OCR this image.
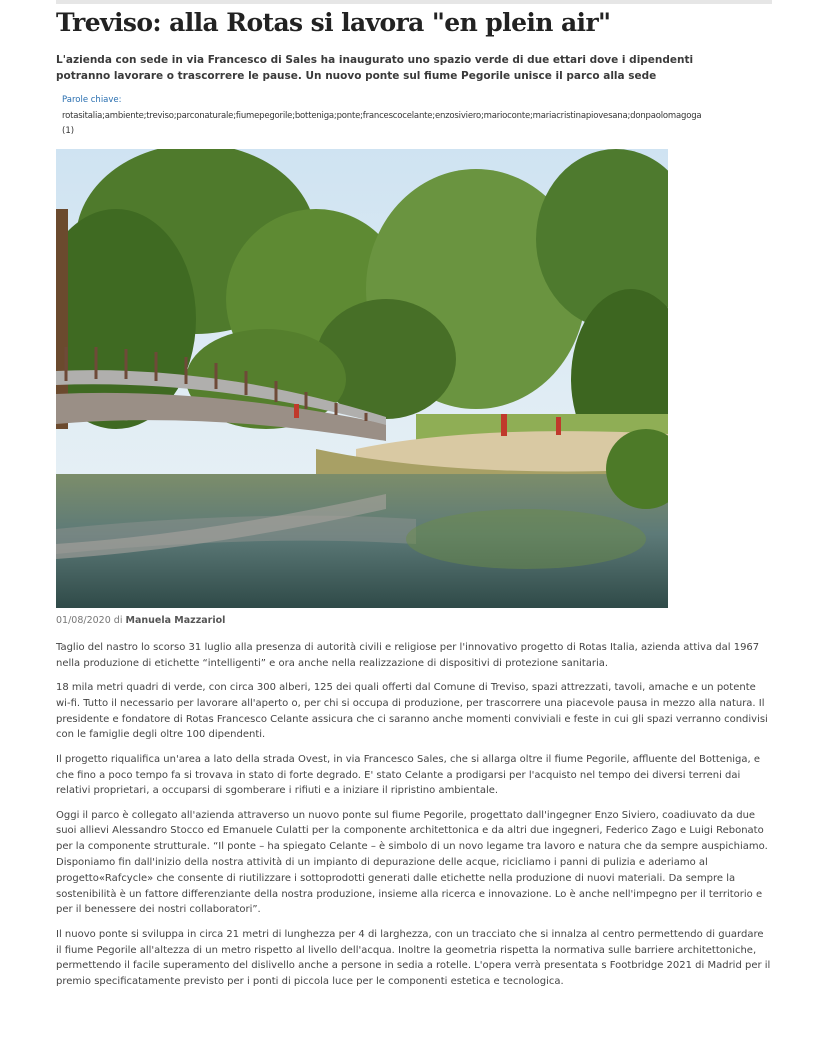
Treviso: alla Rotas si lavora "en plein air"

L'azienda con sede in via Francesco di Sales ha inaugurato uno spazio verde di due ettari dove i dipendenti potranno lavorare o trascorrere le pause. Un nuovo ponte sul fiume Pegorile unisce il parco alla sede

Parole chiave:
rotasitalia;ambiente;treviso;parconaturale;fiumepegorile;botteniga;ponte;francescocelante;enzosiviero;marioconte;mariacristinapiovesana;donpaolomagoga
(1)
01/08/2020 di Manuela Mazzariol

Taglio del nastro lo scorso 31 luglio alla presenza di autorità civili e religiose per l'innovativo progetto di Rotas Italia, azienda attiva dal 1967 nella produzione di etichette “intelligenti” e ora anche nella realizzazione di dispositivi di protezione sanitaria.

18 mila metri quadri di verde, con circa 300 alberi, 125 dei quali offerti dal Comune di Treviso, spazi attrezzati, tavoli, amache e un potente wi-fi. Tutto il necessario per lavorare all'aperto o, per chi si occupa di produzione, per trascorrere una piacevole pausa in mezzo alla natura. Il presidente e fondatore di Rotas Francesco Celante assicura che ci saranno anche momenti conviviali e feste in cui gli spazi verranno condivisi con le famiglie degli oltre 100 dipendenti.

Il progetto riqualifica un'area a lato della strada Ovest, in via Francesco Sales, che si allarga oltre il fiume Pegorile, affluente del Botteniga, e che fino a poco tempo fa si trovava in stato di forte degrado. E' stato Celante a prodigarsi per l'acquisto nel tempo dei diversi terreni dai relativi proprietari, a occuparsi di sgomberare i rifiuti e a iniziare il ripristino ambientale.

Oggi il parco è collegato all'azienda attraverso un nuovo ponte sul fiume Pegorile, progettato dall'ingegner Enzo Siviero, coadiuvato da due suoi allievi Alessandro Stocco ed Emanuele Culatti per la componente architettonica e da altri due ingegneri, Federico Zago e Luigi Rebonato per la componente strutturale. “Il ponte – ha spiegato Celante – è simbolo di un novo legame tra lavoro e natura che da sempre auspichiamo. Disponiamo fin dall'inizio della nostra attività di un impianto di depurazione delle acque, ricicliamo i panni di pulizia e aderiamo al progetto«Rafcycle» che consente di riutilizzare i sottoprodotti generati dalle etichette nella produzione di nuovi materiali. Da sempre la sostenibilità è un fattore differenziante della nostra produzione, insieme alla ricerca e innovazione. Lo è anche nell'impegno per il territorio e per il benessere dei nostri collaboratori”.

Il nuovo ponte si sviluppa in circa 21 metri di lunghezza per 4 di larghezza, con un tracciato che si innalza al centro permettendo di guardare il fiume Pegorile all'altezza di un metro rispetto al livello dell'acqua. Inoltre la geometria rispetta la normativa sulle barriere architettoniche, permettendo il facile superamento del dislivello anche a persone in sedia a rotelle. L'opera verrà presentata s Footbridge 2021 di Madrid per il premio specificatamente previsto per i ponti di piccola luce per le componenti estetica e tecnologica.
